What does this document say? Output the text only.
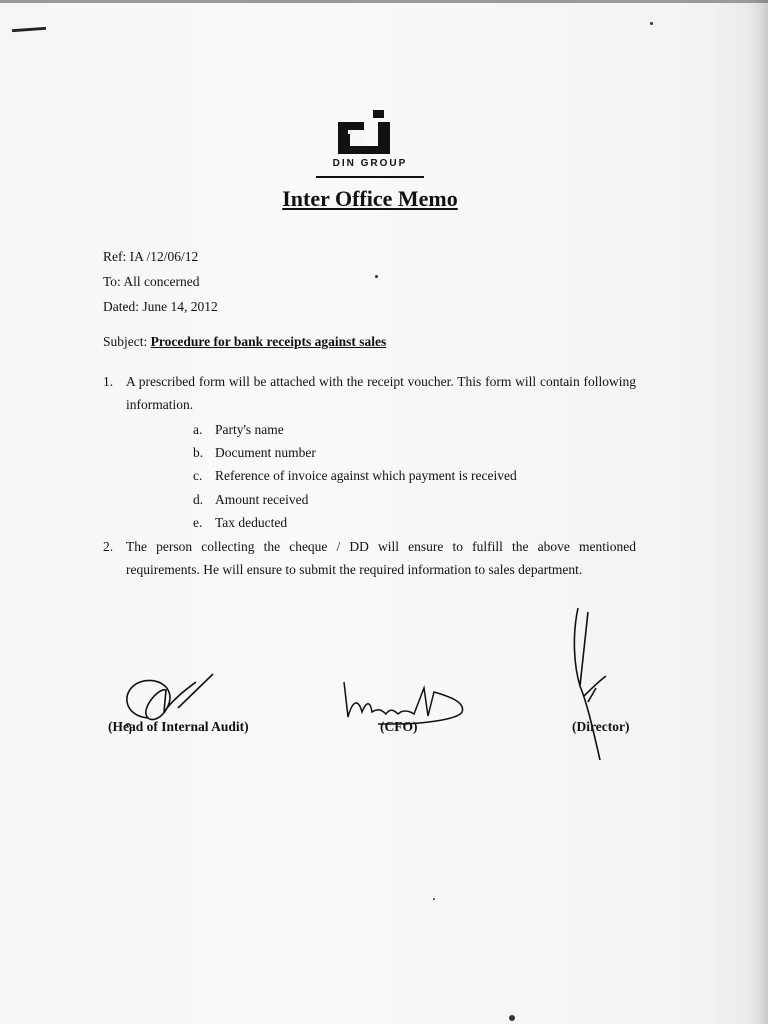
DIN GROUP
Inter Office Memo
Ref: IA /12/06/12
To: All concerned
Dated: June 14, 2012
Subject: Procedure for bank receipts against sales
1. A prescribed form will be attached with the receipt voucher. This form will contain following information.
a. Party's name
b. Document number
c. Reference of invoice against which payment is received
d. Amount received
e. Tax deducted
2. The person collecting the cheque / DD will ensure to fulfill the above mentioned requirements. He will ensure to submit the required information to sales department.
(Head of Internal Audit)	(CFO)	(Director)
